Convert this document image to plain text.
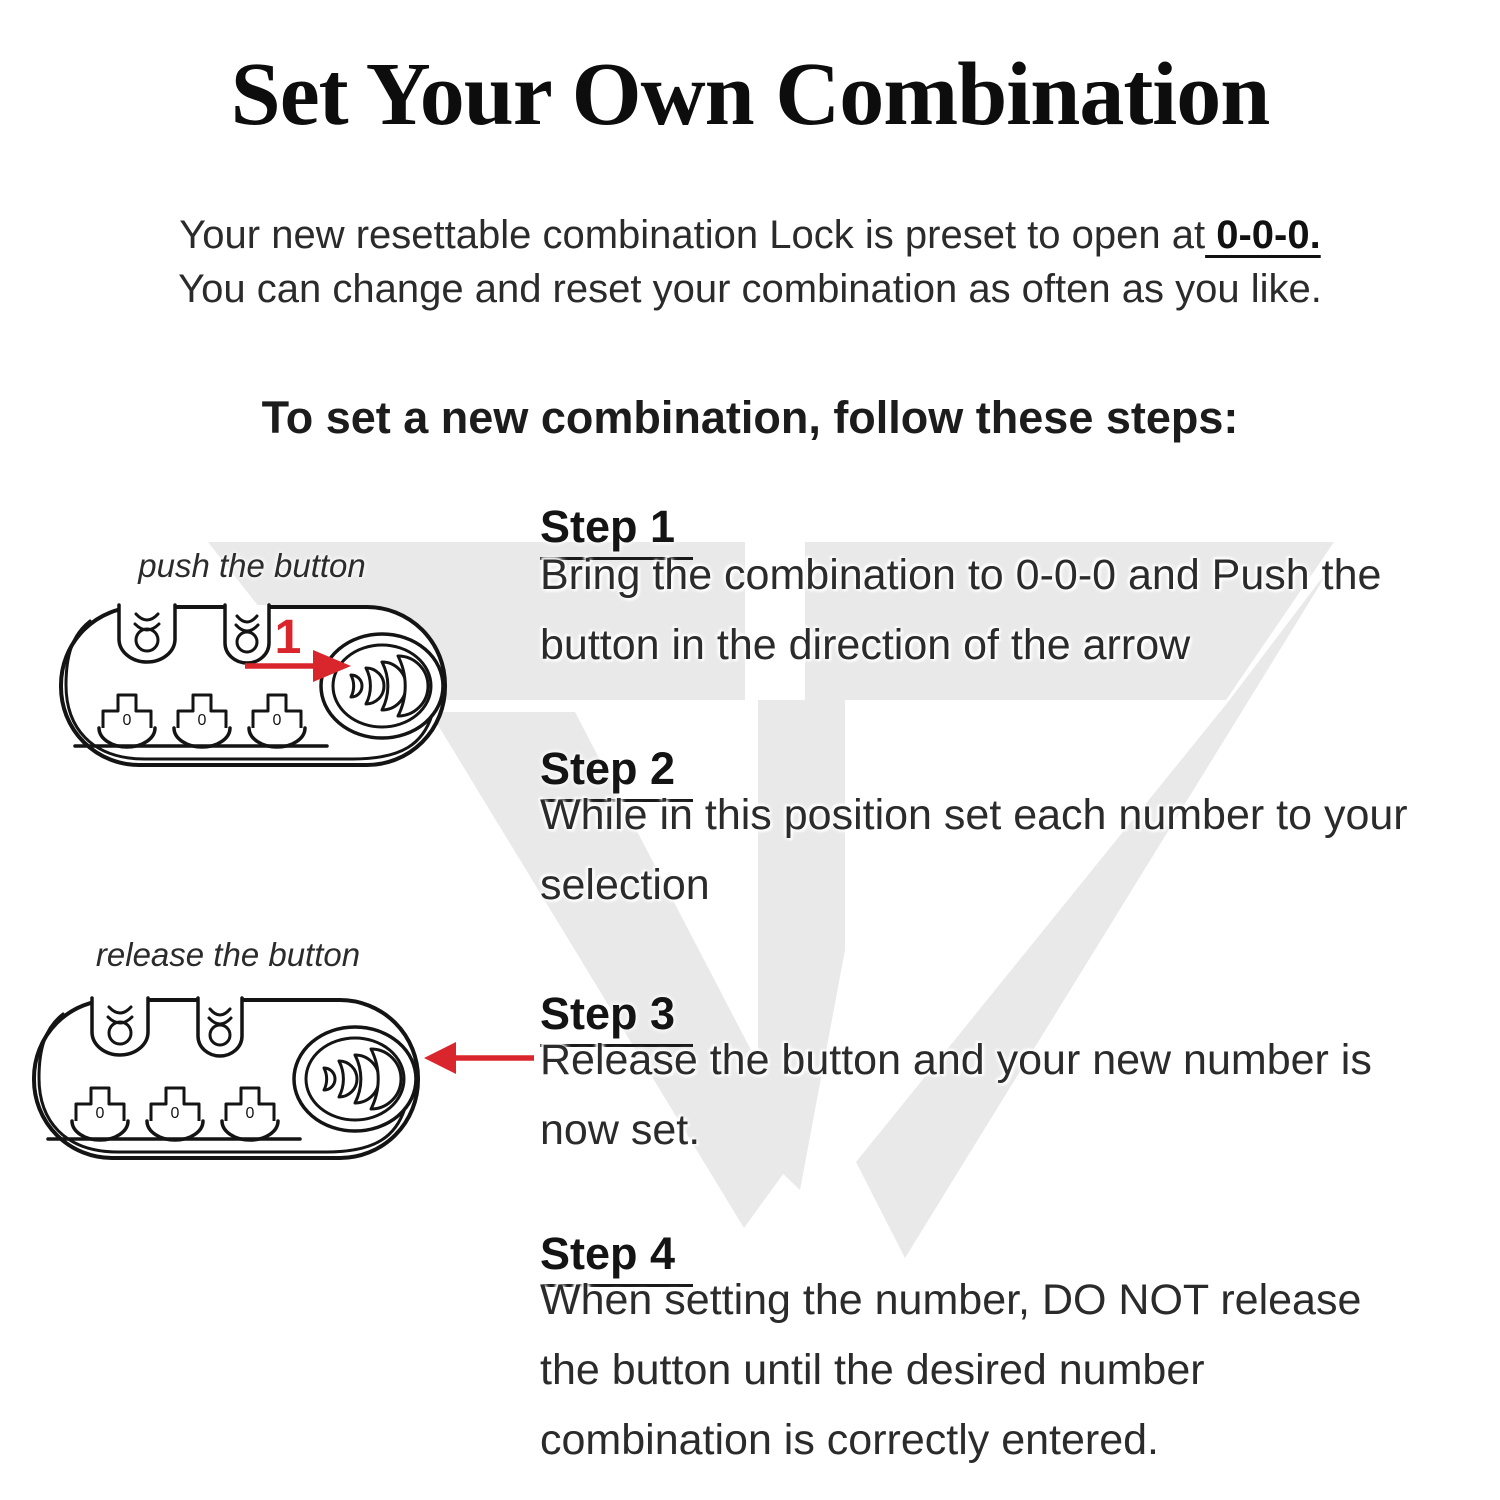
Set Your Own Combination
Your new resettable combination Lock is preset to open at 0-0-0.
You can change and reset your combination as often as you like.
To set a new combination, follow these steps:
push the button
1
release the button
Step 1
Bring the combination to 0-0-0 and Push the
button in the direction of the arrow
Step 2
While in this position set each number to your
selection
Step 3
Release the button and your new number is
now set.
Step 4
When setting the number, DO NOT release
the button until the desired number
combination is correctly entered.
